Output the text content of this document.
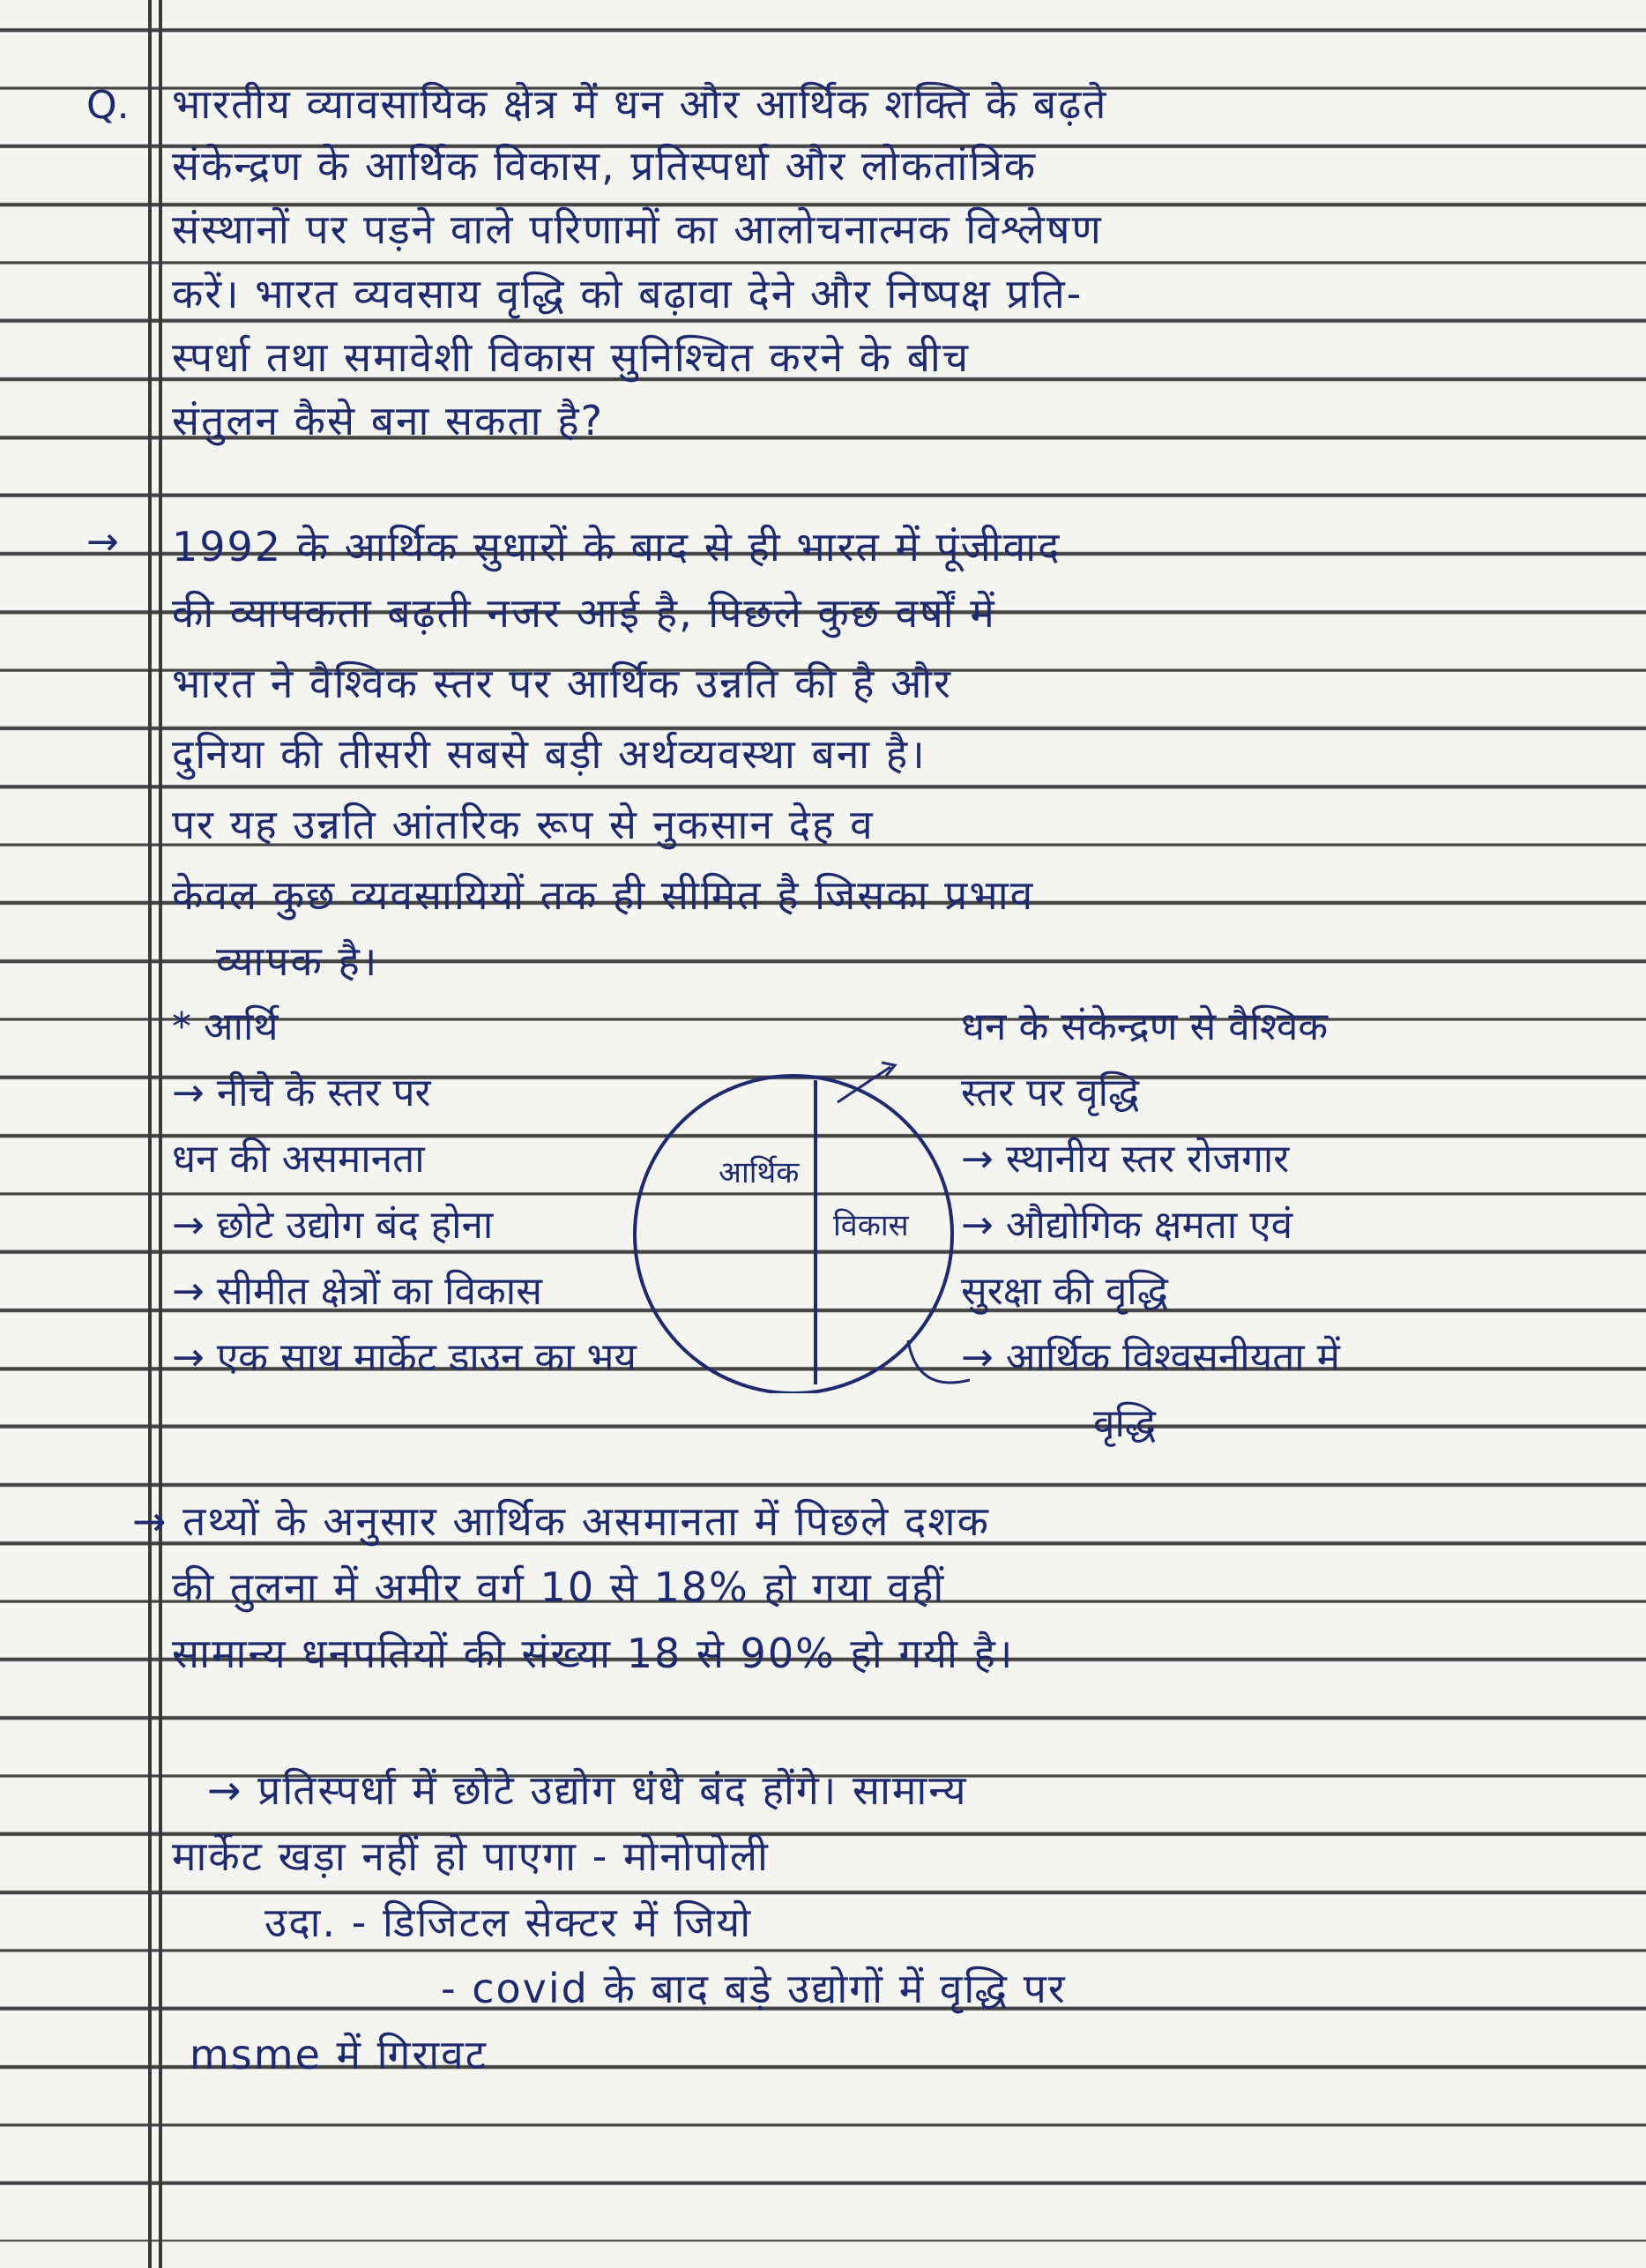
Q. भारतीय व्यावसायिक क्षेत्र में धन और आर्थिक शक्ति के बढ़ते
संकेन्द्रण के आर्थिक विकास, प्रतिस्पर्धा और लोकतांत्रिक
संस्थानों पर पड़ने वाले परिणामों का आलोचनात्मक विश्लेषण
करें। भारत व्यवसाय वृद्धि को बढ़ावा देने और निष्पक्ष प्रति-
स्पर्धा तथा समावेशी विकास सुनिश्चित करने के बीच
संतुलन कैसे बना सकता है?
→ 1992 के आर्थिक सुधारों के बाद से ही भारत में पूंजीवाद
की व्यापकता बढ़ती नजर आई है, पिछले कुछ वर्षों में
भारत ने वैश्विक स्तर पर आर्थिक उन्नति की है और
दुनिया की तीसरी सबसे बड़ी अर्थव्यवस्था बना है।
पर यह उन्नति आंतरिक रूप से नुकसान देह व
केवल कुछ व्यवसायियों तक ही सीमित है जिसका प्रभाव
व्यापक है।
* आर्थि	धन के संकेन्द्रण से वैश्विक
→ नीचे के स्तर पर
धन की असमानता
→ छोटे उद्योग बंद होना
→ सीमीत क्षेत्रों का विकास
→ एक साथ मार्केट डाउन का भय
स्तर पर वृद्धि
→ स्थानीय स्तर रोजगार
→ औद्योगिक क्षमता एवं
सुरक्षा की वृद्धि
→ आर्थिक विश्वसनीयता में
वृद्धि
आर्थिक
विकास
→ तथ्यों के अनुसार आर्थिक असमानता में पिछले दशक
की तुलना में अमीर वर्ग 10 से 18% हो गया वहीं
सामान्य धनपतियों की संख्या 18 से 90% हो गयी है।
→ प्रतिस्पर्धा में छोटे उद्योग धंधे बंद होंगे। सामान्य
मार्केट खड़ा नहीं हो पाएगा - मोनोपोली
उदा. - डिजिटल सेक्टर में जियो
- covid के बाद बड़े उद्योगों में वृद्धि पर
msme में गिरावट
